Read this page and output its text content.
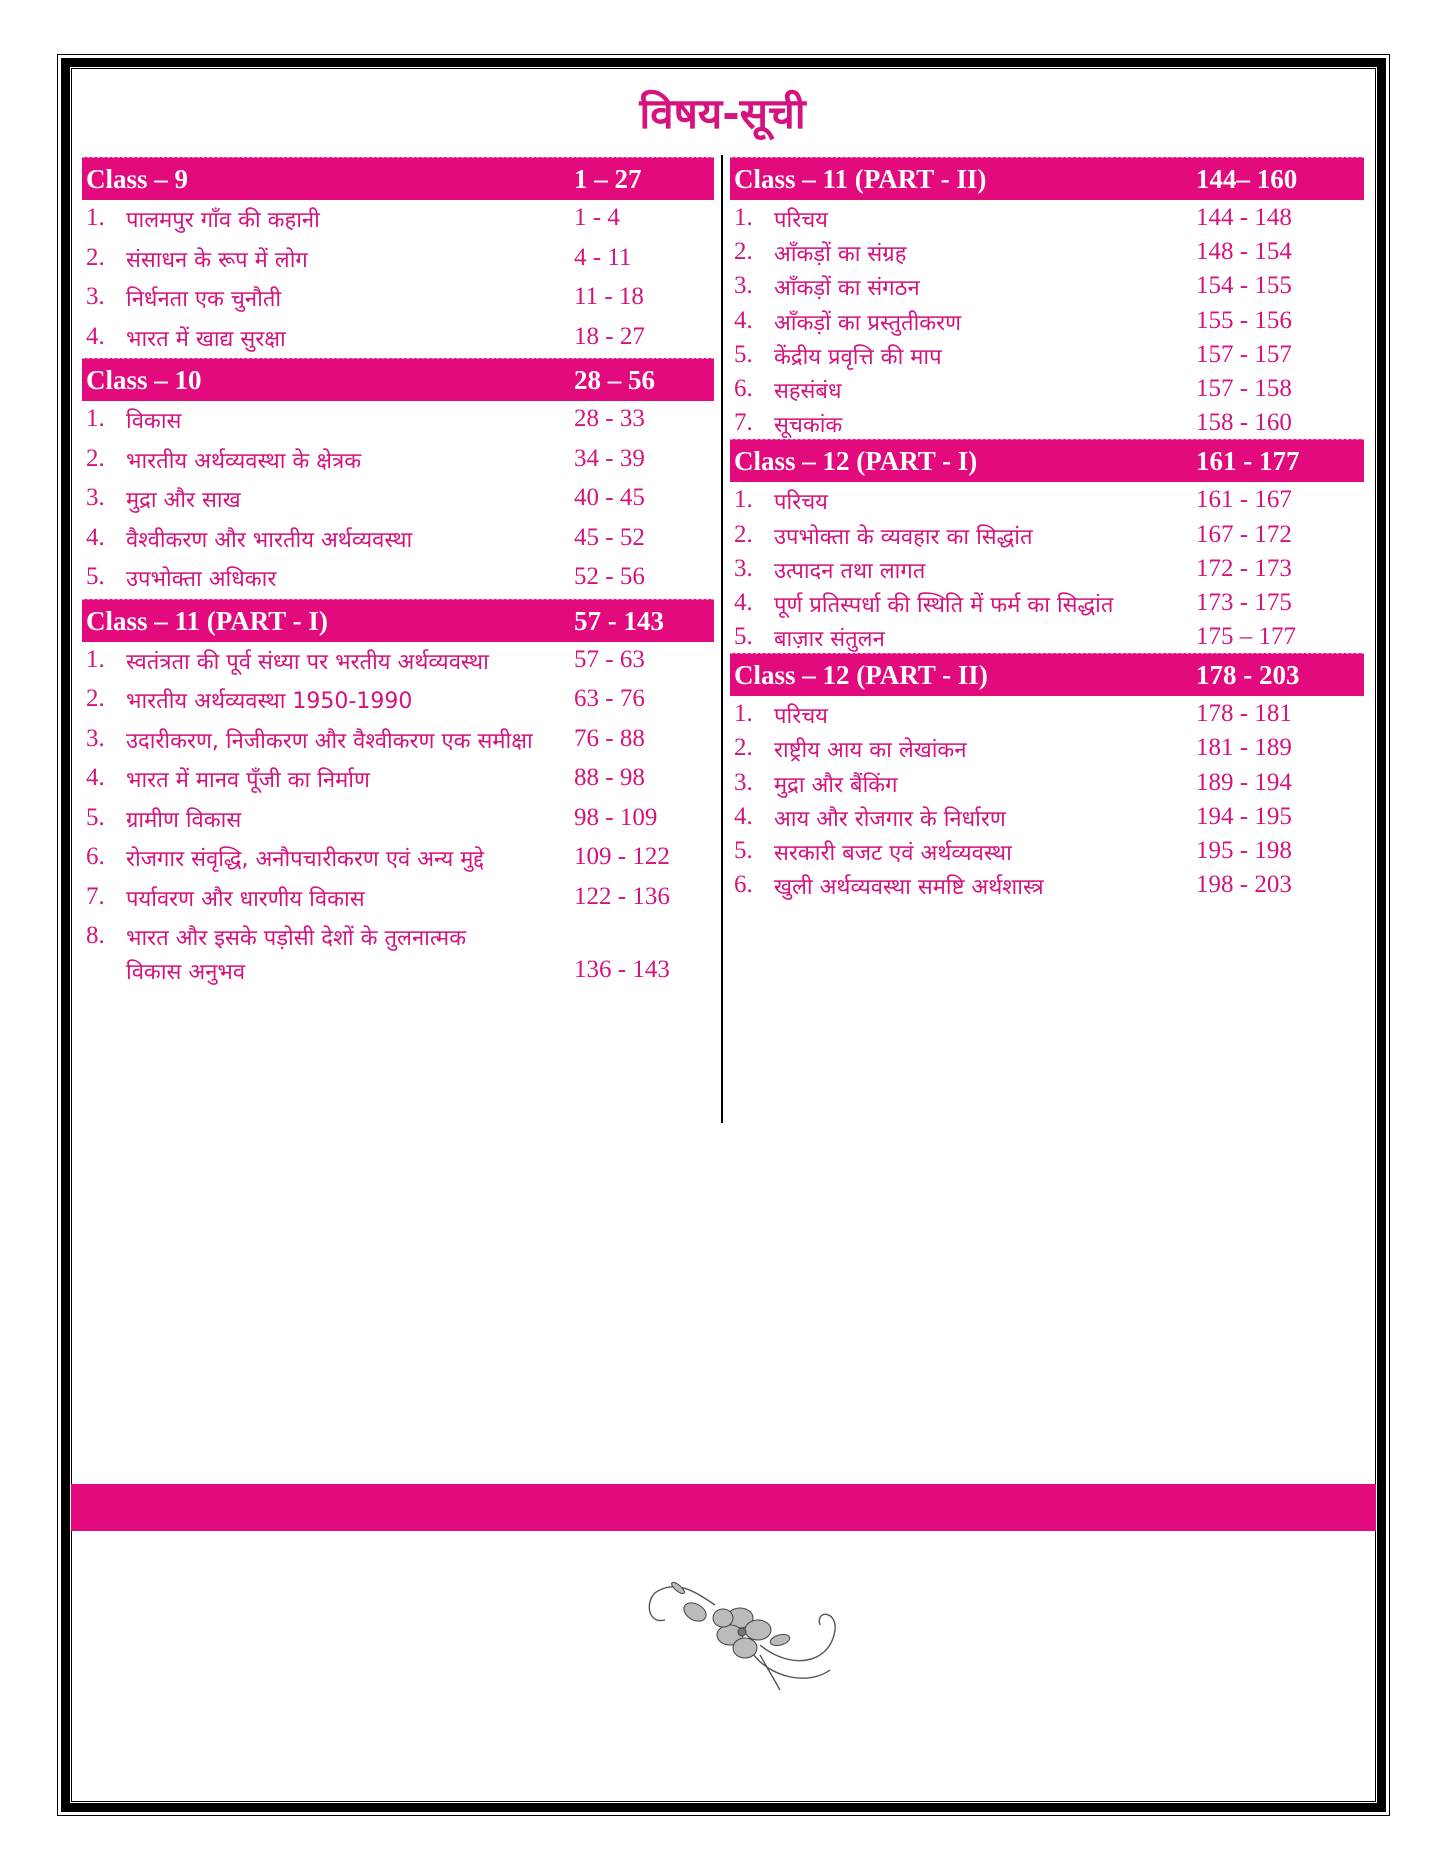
विषय-सूची
Class – 9	1 – 27
1. पालमपुर गाँव की कहानी	1 - 4
2. संसाधन के रूप में लोग	4 - 11
3. निर्धनता एक चुनौती	11 - 18
4. भारत में खाद्य सुरक्षा	18 - 27
Class – 10	28 – 56
1. विकास	28 - 33
2. भारतीय अर्थव्यवस्था के क्षेत्रक	34 - 39
3. मुद्रा और साख	40 - 45
4. वैश्वीकरण और भारतीय अर्थव्यवस्था	45 - 52
5. उपभोक्ता अधिकार	52 - 56
Class – 11 (PART - I)	57 - 143
1. स्वतंत्रता की पूर्व संध्या पर भरतीय अर्थव्यवस्था	57 - 63
2. भारतीय अर्थव्यवस्था 1950-1990	63 - 76
3. उदारीकरण, निजीकरण और वैश्वीकरण एक समीक्षा 76 - 88
4. भारत में मानव पूँजी का निर्माण	88 - 98
5. ग्रामीण विकास	98 - 109
6. रोजगार संवृद्धि, अनौपचारीकरण एवं अन्य मुद्दे	109 - 122
7. पर्यावरण और धारणीय विकास	122 - 136
8. भारत और इसके पड़ोसी देशों के तुलनात्मक
विकास अनुभव	136 - 143
Class – 11 (PART - II)	144– 160
1. परिचय	144 - 148
2. आँकड़ों का संग्रह	148 - 154
3. आँकड़ों का संगठन	154 - 155
4. आँकड़ों का प्रस्तुतीकरण	155 - 156
5. केंद्रीय प्रवृत्ति की माप	157 - 157
6. सहसंबंध	157 - 158
7. सूचकांक	158 - 160
Class – 12 (PART - I)	161 - 177
1. परिचय	161 - 167
2. उपभोक्ता के व्यवहार का सिद्धांत	167 - 172
3. उत्पादन तथा लागत	172 - 173
4. पूर्ण प्रतिस्पर्धा की स्थिति में फर्म का सिद्धांत	173 - 175
5. बाज़ार संतुलन	175 – 177
Class – 12 (PART - II)	178 - 203
1. परिचय	178 - 181
2. राष्ट्रीय आय का लेखांकन	181 - 189
3. मुद्रा और बैंकिंग	189 - 194
4. आय और रोजगार के निर्धारण	194 - 195
5. सरकारी बजट एवं अर्थव्यवस्था	195 - 198
6. खुली अर्थव्यवस्था समष्टि अर्थशास्त्र	198 - 203
